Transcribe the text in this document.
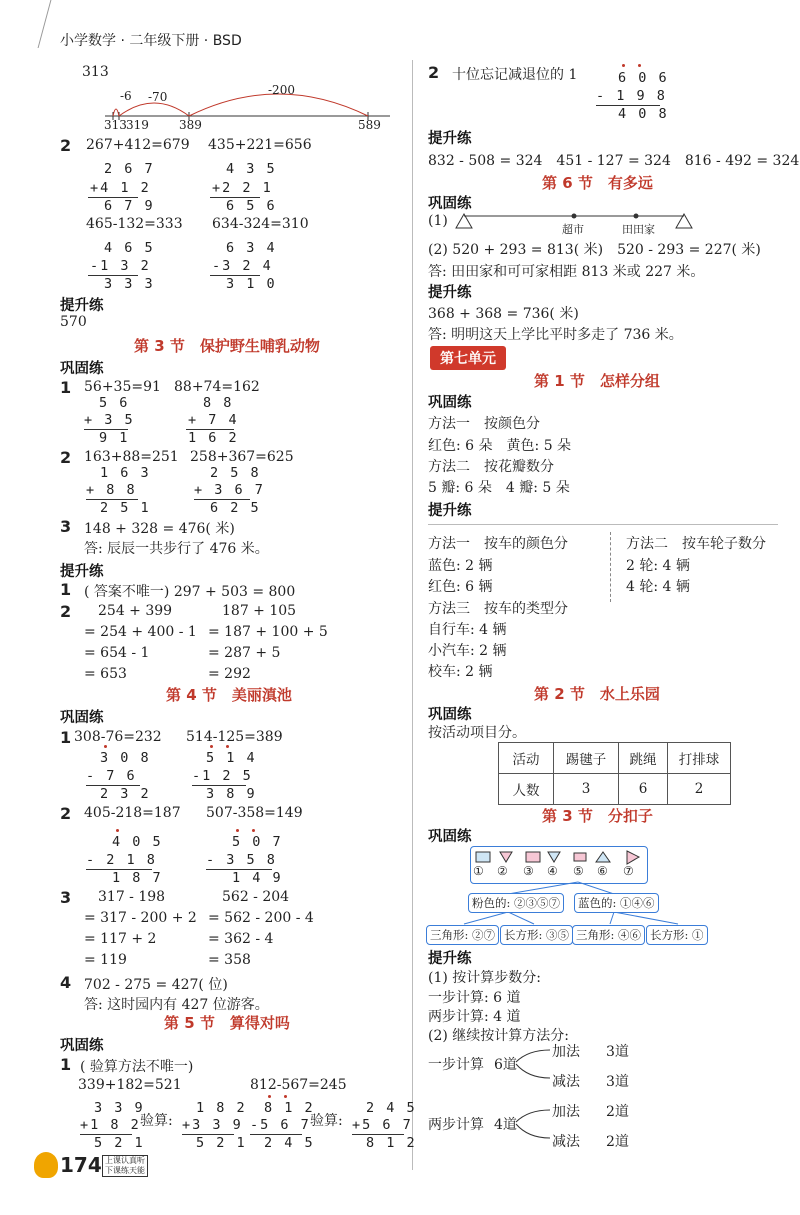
小学数学 · 二年级下册 · BSD
313
-6 -70	-200
313 319	389	589
2 267+412=679 435+221=656
2 6 7
+4 1 2
6 7 9
4 3 5
+2 2 1
6 5 6
465-132=333 634-324=310
4 6 5
-1 3 2
3 3 3
6 3 4
-3 2 4
3 1 0
提升练
570
第 3 节　保护野生哺乳动物
巩固练
1 56+35=91 88+74=162
5 6
+ 3 5
9 1
8 8
+ 7 4
1 6 2
2 163+88=251 258+367=625
1 6 3
+ 8 8
2 5 1
2 5 8
+ 3 6 7
6 2 5
3 148 + 328 = 476( 米)
答: 辰辰一共步行了 476 米。
提升练
1 ( 答案不唯一) 297 + 503 = 800
2 254 + 399
= 254 + 400 - 1
= 654 - 1
= 653
187 + 105
= 187 + 100 + 5
= 287 + 5
= 292
第 4 节　美丽滇池
巩固练
1 308-76=232 514-125=389
3 0 8
- 7 6
2 3 2
5 1 4
-1 2 5
3 8 9
2 405-218=187 507-358=149
4 0 5
- 2 1 8
1 8 7
5 0 7
- 3 5 8
1 4 9
3 317 - 198
= 317 - 200 + 2
= 117 + 2
= 119
562 - 204
= 562 - 200 - 4
= 362 - 4
= 358
4 702 - 275 = 427( 位)
答: 这时园内有 427 位游客。
第 5 节　算得对吗
巩固练
1 ( 验算方法不唯一)
339+182=521	812-567=245
3 3 9
+1 8 2
5 2 1
验算:
1 8 2
+3 3 9
5 2 1
8 1 2
-5 6 7
2 4 5
验算:
2 4 5
+5 6 7
8 1 2
174 上课认真听
下课练天能
2 十位忘记减退位的 1	6 0 6
- 1 9 8
4 0 8
提升练
832 - 508 = 324　451 - 127 = 324　816 - 492 = 324
第 6 节　有多远
巩固练
(1)
超市	田田家
(2) 520 + 293 = 813( 米)　520 - 293 = 227( 米)
答: 田田家和可可家相距 813 米或 227 米。
提升练
368 + 368 = 736( 米)
答: 明明这天上学比平时多走了 736 米。
第七单元
第 1 节　怎样分组
巩固练
方法一　按颜色分
红色: 6 朵　黄色: 5 朵
方法二　按花瓣数分
5 瓣: 6 朵　4 瓣: 5 朵
提升练
方法一　按车的颜色分
蓝色: 2 辆
红色: 6 辆
方法二　按车轮子数分
2 轮: 4 辆
4 轮: 4 辆
方法三　按车的类型分
自行车: 4 辆
小汽车: 2 辆
校车: 2 辆
第 2 节　水上乐园
巩固练
按活动项目分。
活动	踢毽子	跳绳	打排球
人数	3	6	2
第 3 节　分扣子
巩固练
① ② ③ ④ ⑤ ⑥ ⑦
粉色的: ②③⑤⑦	蓝色的: ①④⑥
三角形: ②⑦ 长方形: ③⑤ 三角形: ④⑥ 长方形: ①
提升练
(1) 按计算步数分:
一步计算: 6 道
两步计算: 4 道
(2) 继续按计算方法分:
一步计算 6道
加法 3道
减法 3道
两步计算 4道
加法 2道
减法 2道
